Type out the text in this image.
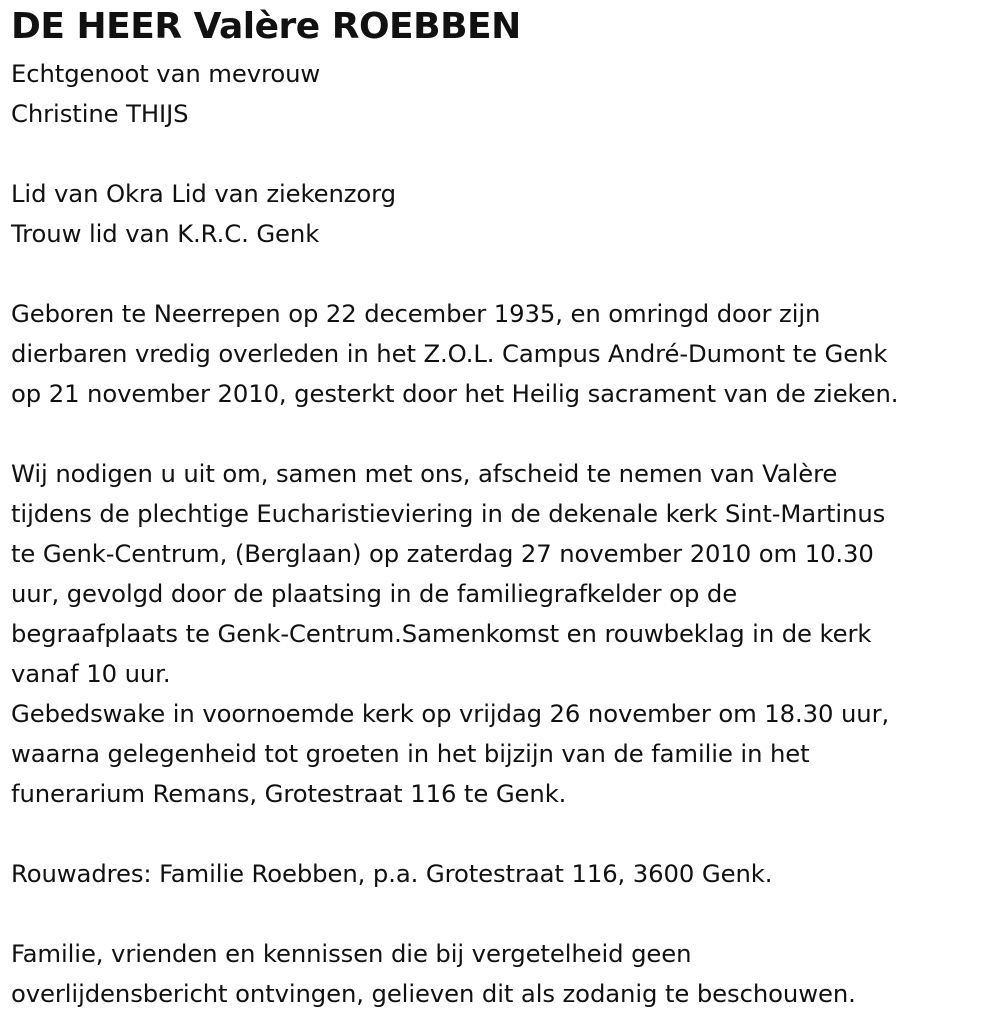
DE HEER Valère ROEBBEN
Echtgenoot van mevrouw
Christine THIJS
Lid van Okra Lid van ziekenzorg
Trouw lid van K.R.C. Genk
Geboren te Neerrepen op 22 december 1935, en omringd door zijn
dierbaren vredig overleden in het Z.O.L. Campus André-Dumont te Genk
op 21 november 2010, gesterkt door het Heilig sacrament van de zieken.
Wij nodigen u uit om, samen met ons, afscheid te nemen van Valère
tijdens de plechtige Eucharistieviering in de dekenale kerk Sint-Martinus
te Genk-Centrum, (Berglaan) op zaterdag 27 november 2010 om 10.30
uur, gevolgd door de plaatsing in de familiegrafkelder op de
begraafplaats te Genk-Centrum.Samenkomst en rouwbeklag in de kerk
vanaf 10 uur.
Gebedswake in voornoemde kerk op vrijdag 26 november om 18.30 uur,
waarna gelegenheid tot groeten in het bijzijn van de familie in het
funerarium Remans, Grotestraat 116 te Genk.
Rouwadres: Familie Roebben, p.a. Grotestraat 116, 3600 Genk.
Familie, vrienden en kennissen die bij vergetelheid geen
overlijdensbericht ontvingen, gelieven dit als zodanig te beschouwen.
